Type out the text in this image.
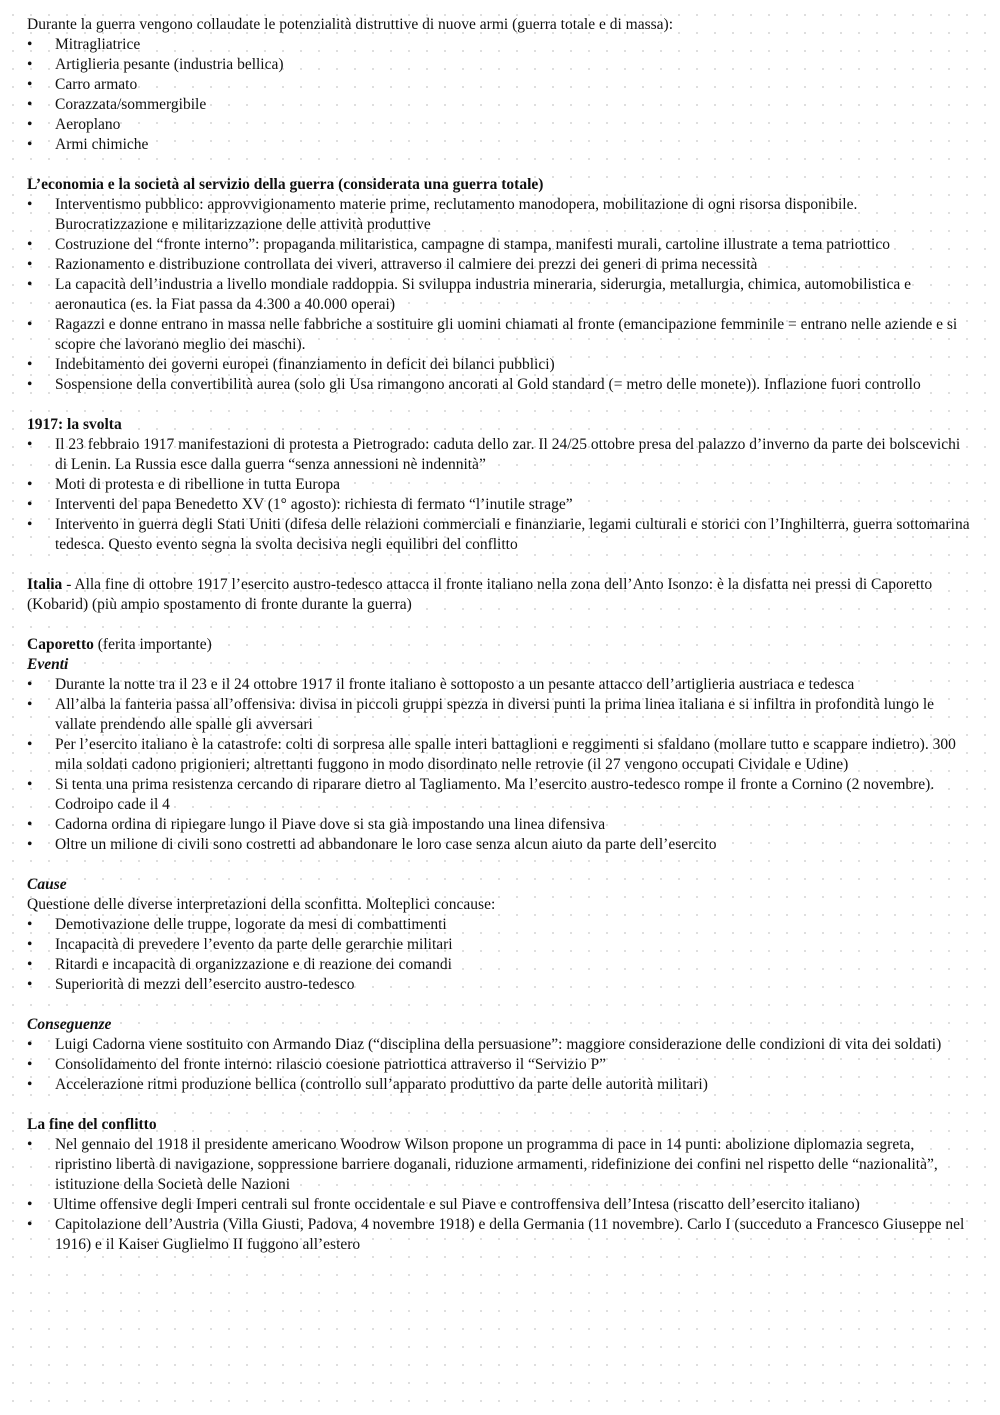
Durante la guerra vengono collaudate le potenzialità distruttive di nuove armi (guerra totale e di massa):

• Mitragliatrice
• Artiglieria pesante (industria bellica)
• Carro armato
• Corazzata/sommergibile
• Aeroplano
• Armi chimiche

L’economia e la società al servizio della guerra (considerata una guerra totale)

• Interventismo pubblico: approvvigionamento materie prime, reclutamento manodopera, mobilitazione di ogni risorsa disponibile. Burocratizzazione e militarizzazione delle attività produttive
• Costruzione del “fronte interno”: propaganda militaristica, campagne di stampa, manifesti murali, cartoline illustrate a tema patriottico
• Razionamento e distribuzione controllata dei viveri, attraverso il calmiere dei prezzi dei generi di prima necessità
• La capacità dell’industria a livello mondiale raddoppia. Si sviluppa industria mineraria, siderurgia, metallurgia, chimica, automobilistica e aeronautica (es. la Fiat passa da 4.300 a 40.000 operai)
• Ragazzi e donne entrano in massa nelle fabbriche a sostituire gli uomini chiamati al fronte (emancipazione femminile = entrano nelle aziende e si scopre che lavorano meglio dei maschi).
• Indebitamento dei governi europei (finanziamento in deficit dei bilanci pubblici)
• Sospensione della convertibilità aurea (solo gli Usa rimangono ancorati al Gold standard (= metro delle monete)). Inflazione fuori controllo

1917: la svolta

• Il 23 febbraio 1917 manifestazioni di protesta a Pietrogrado: caduta dello zar. Il 24/25 ottobre presa del palazzo d’inverno da parte dei bolscevichi di Lenin. La Russia esce dalla guerra “senza annessioni nè indennità”
• Moti di protesta e di ribellione in tutta Europa
• Interventi del papa Benedetto XV (1° agosto): richiesta di fermato “l’inutile strage”
• Intervento in guerra degli Stati Uniti (difesa delle relazioni commerciali e finanziarie, legami culturali e storici con l’Inghilterra, guerra sottomarina tedesca. Questo evento segna la svolta decisiva negli equilibri del conflitto

Italia - Alla fine di ottobre 1917 l’esercito austro-tedesco attacca il fronte italiano nella zona dell’Anto Isonzo: è la disfatta nei pressi di Caporetto (Kobarid) (più ampio spostamento di fronte durante la guerra)

Caporetto (ferita importante)

Eventi
• Durante la notte tra il 23 e il 24 ottobre 1917 il fronte italiano è sottoposto a un pesante attacco dell’artiglieria austriaca e tedesca
• All’alba la fanteria passa all’offensiva: divisa in piccoli gruppi spezza in diversi punti la prima linea italiana e si infiltra in profondità lungo le vallate prendendo alle spalle gli avversari
• Per l’esercito italiano è la catastrofe: colti di sorpresa alle spalle interi battaglioni e reggimenti si sfaldano (mollare tutto e scappare indietro). 300 mila soldati cadono prigionieri; altrettanti fuggono in modo disordinato nelle retrovie (il 27 vengono occupati Cividale e Udine)
• Si tenta una prima resistenza cercando di riparare dietro al Tagliamento. Ma l’esercito austro-tedesco rompe il fronte a Cornino (2 novembre). Codroipo cade il 4
• Cadorna ordina di ripiegare lungo il Piave dove si sta già impostando una linea difensiva
• Oltre un milione di civili sono costretti ad abbandonare le loro case senza alcun aiuto da parte dell’esercito
Cause

Questione delle diverse interpretazioni della sconfitta. Molteplici concause:

• Demotivazione delle truppe, logorate da mesi di combattimenti
• Incapacità di prevedere l’evento da parte delle gerarchie militari
• Ritardi e incapacità di organizzazione e di reazione dei comandi
• Superiorità di mezzi dell’esercito austro-tedesco
Conseguenze
• Luigi Cadorna viene sostituito con Armando Diaz (“disciplina della persuasione”: maggiore considerazione delle condizioni di vita dei soldati)
• Consolidamento del fronte interno: rilascio coesione patriottica attraverso il “Servizio P”
• Accelerazione ritmi produzione bellica (controllo sull’apparato produttivo da parte delle autorità militari)

La fine del conflitto

• Nel gennaio del 1918 il presidente americano Woodrow Wilson propone un programma di pace in 14 punti: abolizione diplomazia segreta, ripristino libertà di navigazione, soppressione barriere doganali, riduzione armamenti, ridefinizione dei confini nel rispetto delle “nazionalità”, istituzione della Società delle Nazioni
• Ultime offensive degli Imperi centrali sul fronte occidentale e sul Piave e controffensiva dell’Intesa (riscatto dell’esercito italiano)
• Capitolazione dell’Austria (Villa Giusti, Padova, 4 novembre 1918) e della Germania (11 novembre). Carlo I (succeduto a Francesco Giuseppe nel 1916) e il Kaiser Guglielmo II fuggono all’estero
